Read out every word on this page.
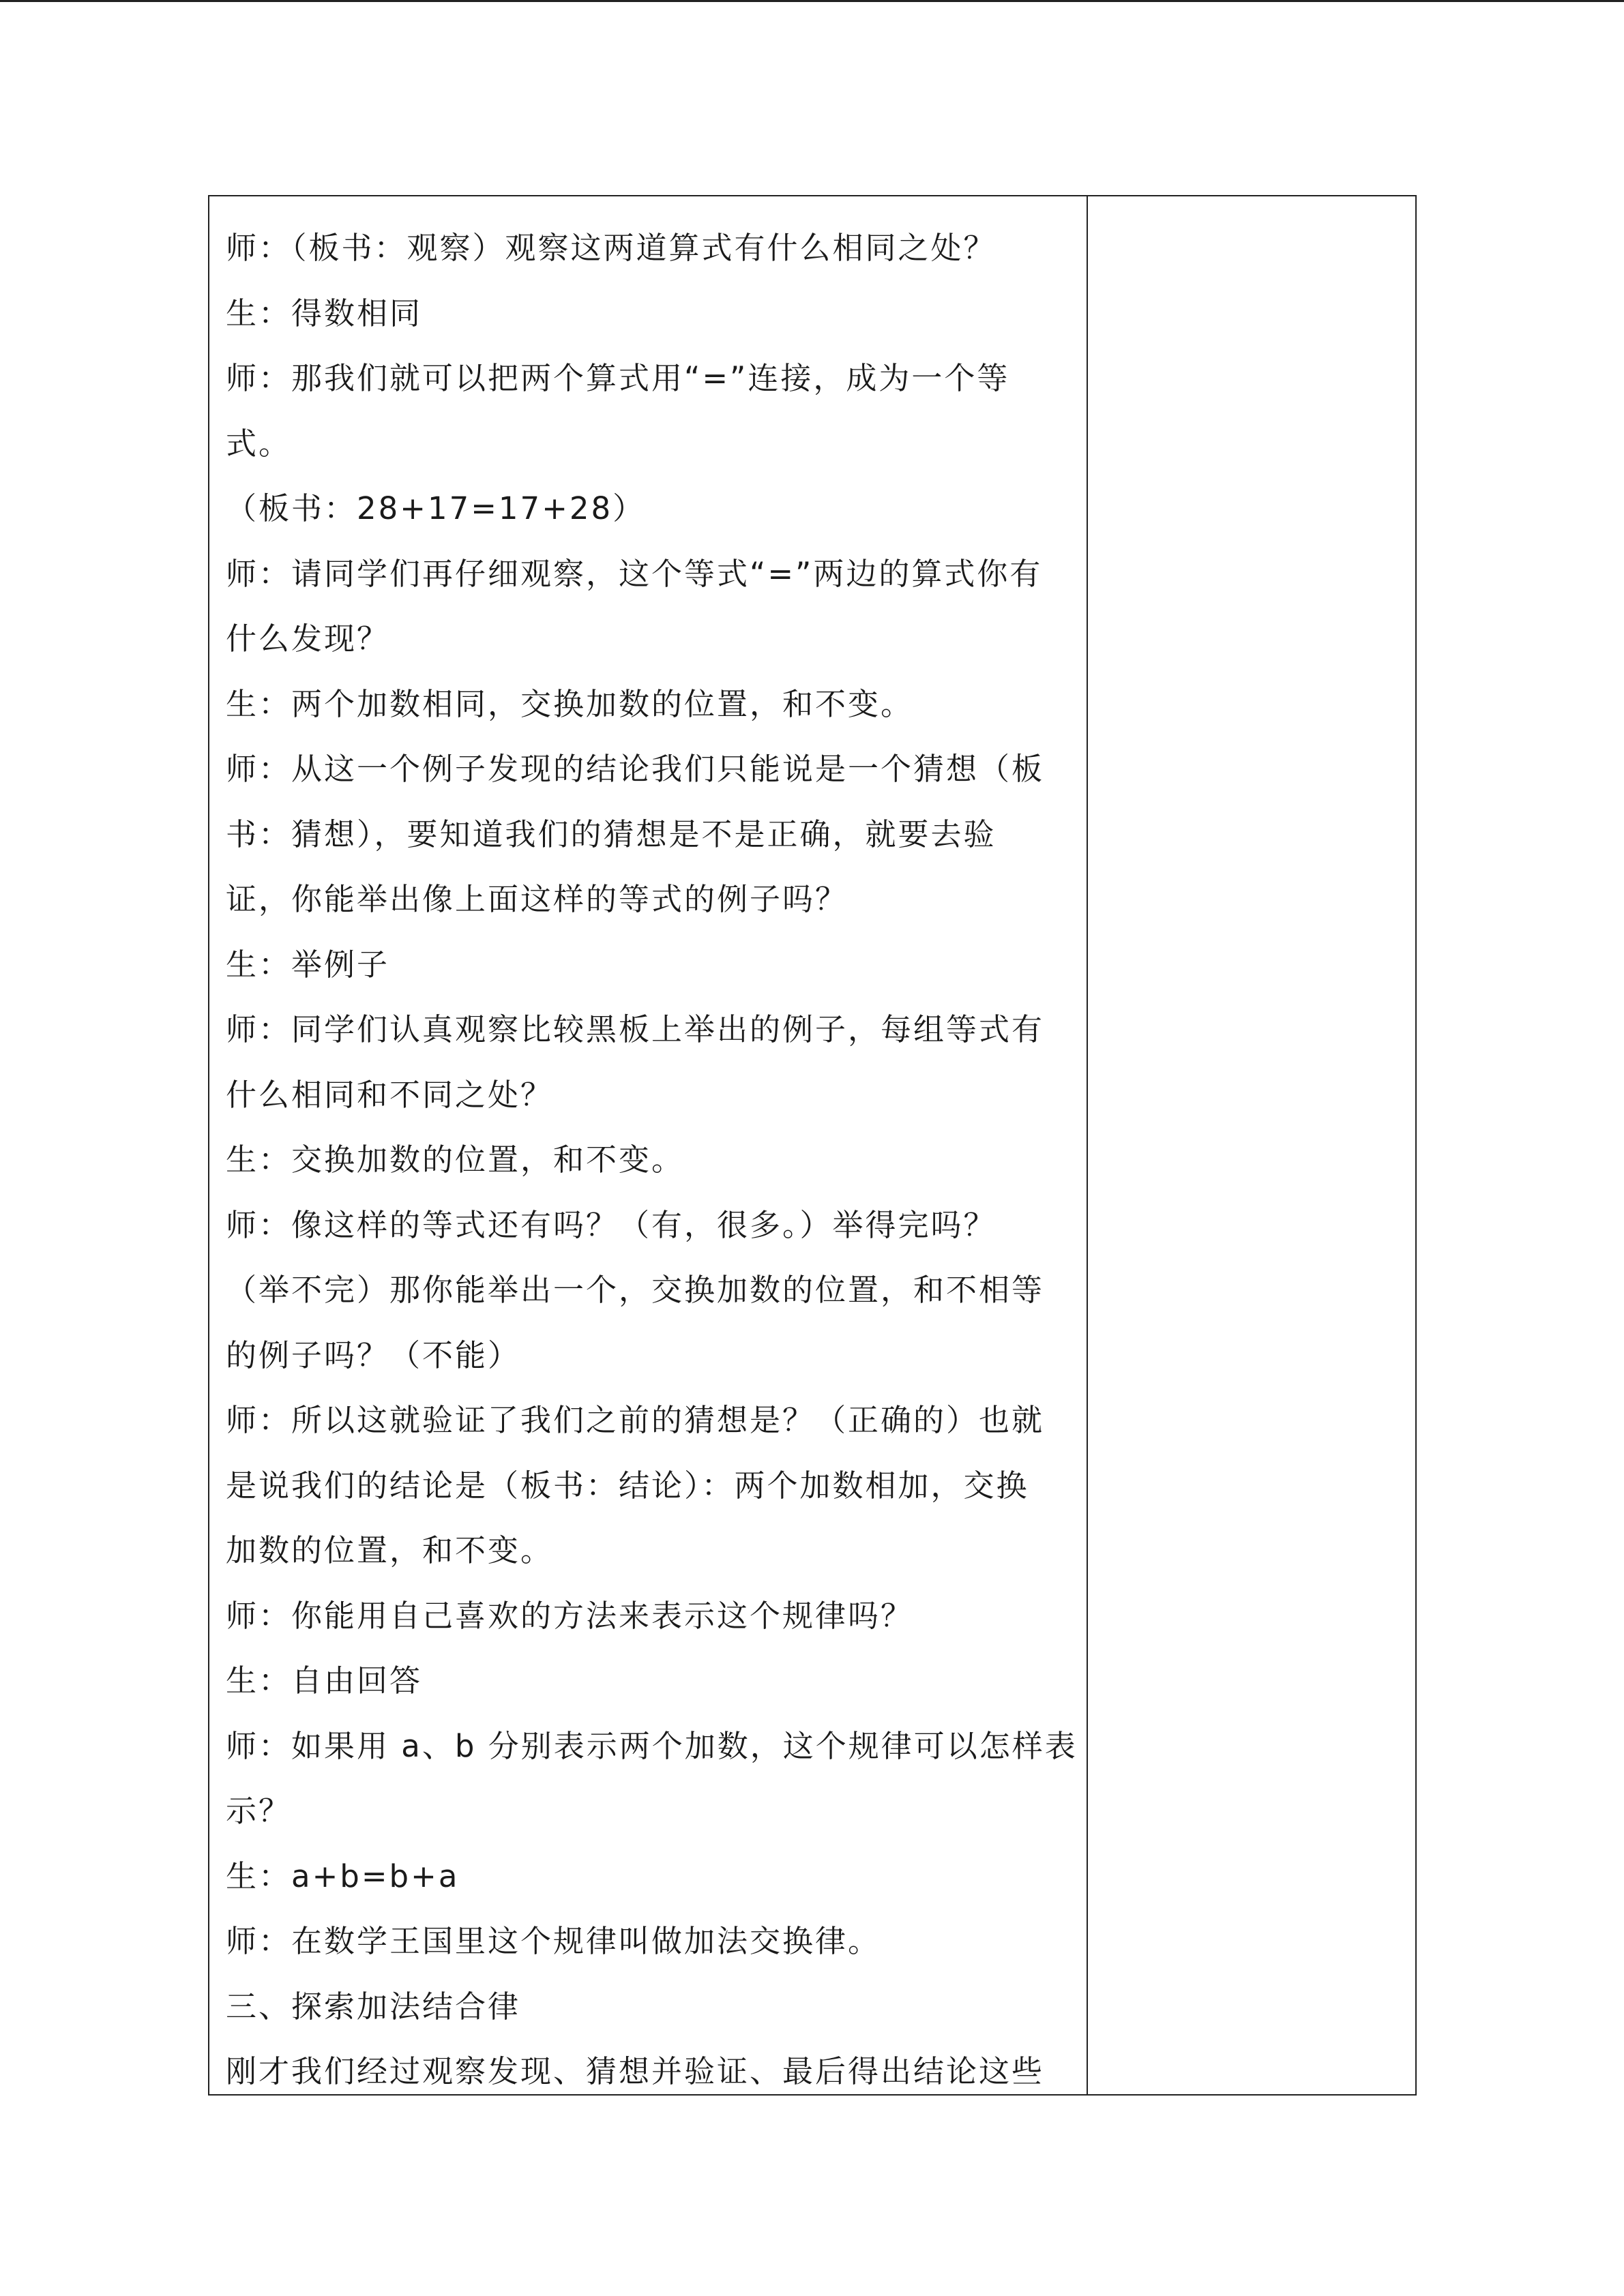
师：（板书：观察）观察这两道算式有什么相同之处？

生：得数相同

师：那我们就可以把两个算式用“=”连接，成为一个等

式。

（板书：28+17=17+28）

师：请同学们再仔细观察，这个等式“=”两边的算式你有

什么发现？

生：两个加数相同，交换加数的位置，和不变。

师：从这一个例子发现的结论我们只能说是一个猜想（板

书：猜想），要知道我们的猜想是不是正确，就要去验

证，你能举出像上面这样的等式的例子吗？

生：举例子

师：同学们认真观察比较黑板上举出的例子，每组等式有

什么相同和不同之处？

生：交换加数的位置，和不变。

师：像这样的等式还有吗？（有，很多。）举得完吗？

（举不完）那你能举出一个，交换加数的位置，和不相等

的例子吗？（不能）

师：所以这就验证了我们之前的猜想是？（正确的）也就

是说我们的结论是（板书：结论）：两个加数相加，交换

加数的位置，和不变。

师：你能用自己喜欢的方法来表示这个规律吗？

生：自由回答

师：如果用 a、b 分别表示两个加数，这个规律可以怎样表

示？

生：a+b=b+a

师：在数学王国里这个规律叫做加法交换律。

三、探索加法结合律

刚才我们经过观察发现、猜想并验证、最后得出结论这些
